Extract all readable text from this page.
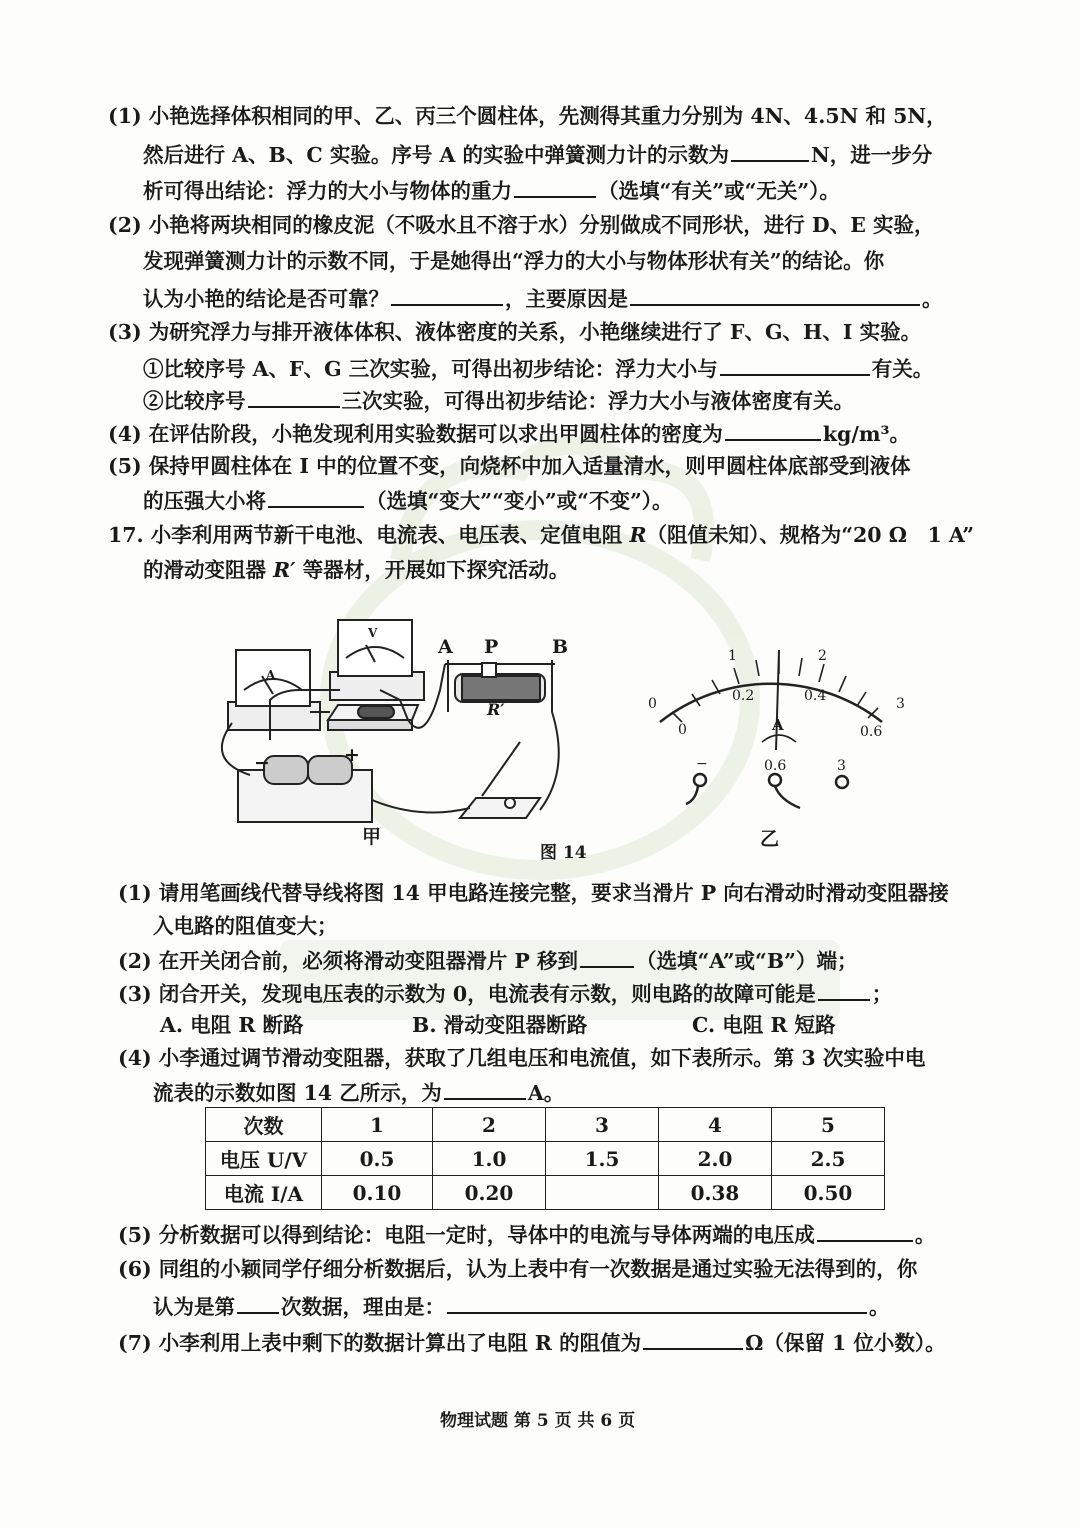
(1) 小艳选择体积相同的甲、乙、丙三个圆柱体，先测得其重力分别为 4N、4.5N 和 5N，
然后进行 A、B、C 实验。序号 A 的实验中弹簧测力计的示数为	N，进一步分
析可得出结论：浮力的大小与物体的重力	（选填“有关”或“无关”）。
(2) 小艳将两块相同的橡皮泥（不吸水且不溶于水）分别做成不同形状，进行 D、E 实验，
发现弹簧测力计的示数不同，于是她得出“浮力的大小与物体形状有关”的结论。你
认为小艳的结论是否可靠？	，主要原因是	。
(3) 为研究浮力与排开液体体积、液体密度的关系，小艳继续进行了 F、G、H、I 实验。
①比较序号 A、F、G 三次实验，可得出初步结论：浮力大小与	有关。
②比较序号	三次实验，可得出初步结论：浮力大小与液体密度有关。
(4) 在评估阶段，小艳发现利用实验数据可以求出甲圆柱体的密度为	kg/m³。
(5) 保持甲圆柱体在 I 中的位置不变，向烧杯中加入适量清水，则甲圆柱体底部受到液体
的压强大小将	（选填“变大”“变小”或“不变”）。
17. 小李利用两节新干电池、电流表、电压表、定值电阻 R（阻值未知）、规格为“20 Ω　1 A”
的滑动变阻器 R′ 等器材，开展如下探究活动。
A P	B
R′
V
A
−	+
甲
图 14
乙
0
1	2
3
0
0.2	0.4
0.6
A
−	0.6	3
(1) 请用笔画线代替导线将图 14 甲电路连接完整，要求当滑片 P 向右滑动时滑动变阻器接
入电路的阻值变大；
(2) 在开关闭合前，必须将滑动变阻器滑片 P 移到	（选填“A”或“B”）端；
(3) 闭合开关，发现电压表的示数为 0，电流表有示数，则电路的故障可能是	；
A. 电阻 R 断路	B. 滑动变阻器断路	C. 电阻 R 短路
(4) 小李通过调节滑动变阻器，获取了几组电压和电流值，如下表所示。第 3 次实验中电
流表的示数如图 14 乙所示，为	A。
次数	1	2	3	4	5
电压 U/V	0.5	1.0	1.5	2.0	2.5
电流 I/A	0.10	0.20		0.38	0.50
(5) 分析数据可以得到结论：电阻一定时，导体中的电流与导体两端的电压成	。
(6) 同组的小颖同学仔细分析数据后，认为上表中有一次数据是通过实验无法得到的，你
认为是第 次数据，理由是：	。
(7) 小李利用上表中剩下的数据计算出了电阻 R 的阻值为	Ω（保留 1 位小数）。
物理试题 第 5 页 共 6 页
